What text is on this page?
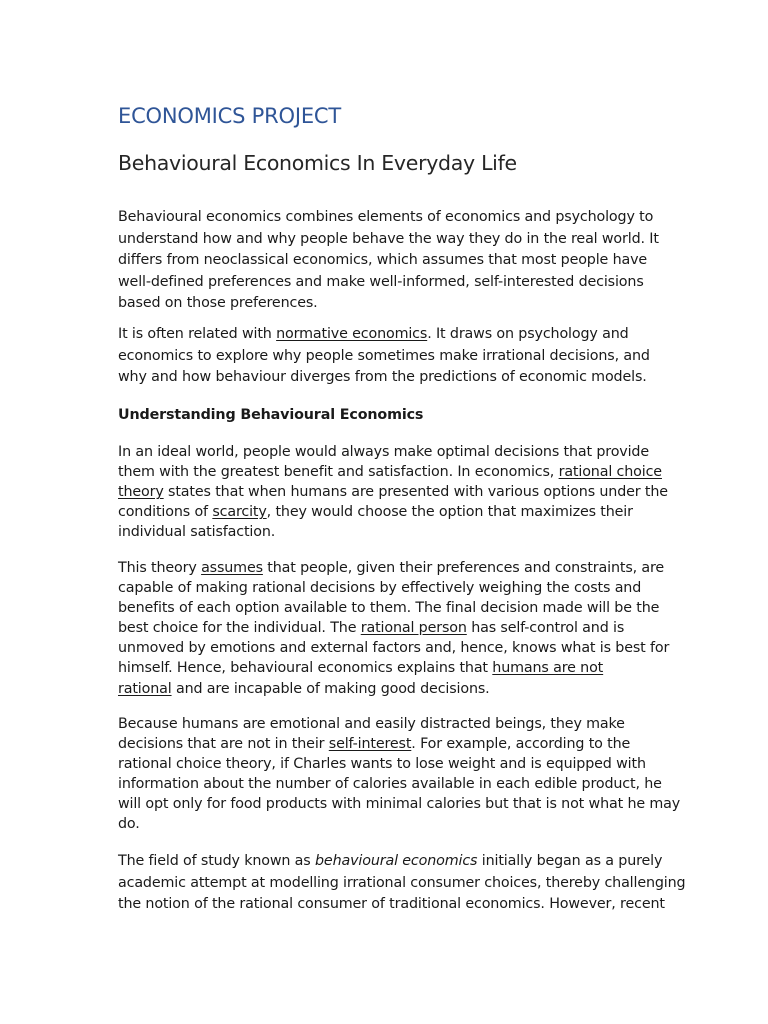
ECONOMICS PROJECT
Behavioural Economics In Everyday Life

Behavioural economics combines elements of economics and psychology to
understand how and why people behave the way they do in the real world. It
differs from neoclassical economics, which assumes that most people have
well-defined preferences and make well-informed, self-interested decisions
based on those preferences.

It is often related with normative economics. It draws on psychology and
economics to explore why people sometimes make irrational decisions, and
why and how behaviour diverges from the predictions of economic models.

Understanding Behavioural Economics

In an ideal world, people would always make optimal decisions that provide
them with the greatest benefit and satisfaction. In economics, rational choice
theory states that when humans are presented with various options under the
conditions of scarcity, they would choose the option that maximizes their
individual satisfaction.

This theory assumes that people, given their preferences and constraints, are
capable of making rational decisions by effectively weighing the costs and
benefits of each option available to them. The final decision made will be the
best choice for the individual. The rational person has self-control and is
unmoved by emotions and external factors and, hence, knows what is best for
himself. Hence, behavioural economics explains that humans are not
rational and are incapable of making good decisions.

Because humans are emotional and easily distracted beings, they make
decisions that are not in their self-interest. For example, according to the
rational choice theory, if Charles wants to lose weight and is equipped with
information about the number of calories available in each edible product, he
will opt only for food products with minimal calories but that is not what he may
do.

The field of study known as behavioural economics initially began as a purely
academic attempt at modelling irrational consumer choices, thereby challenging
the notion of the rational consumer of traditional economics. However, recent
